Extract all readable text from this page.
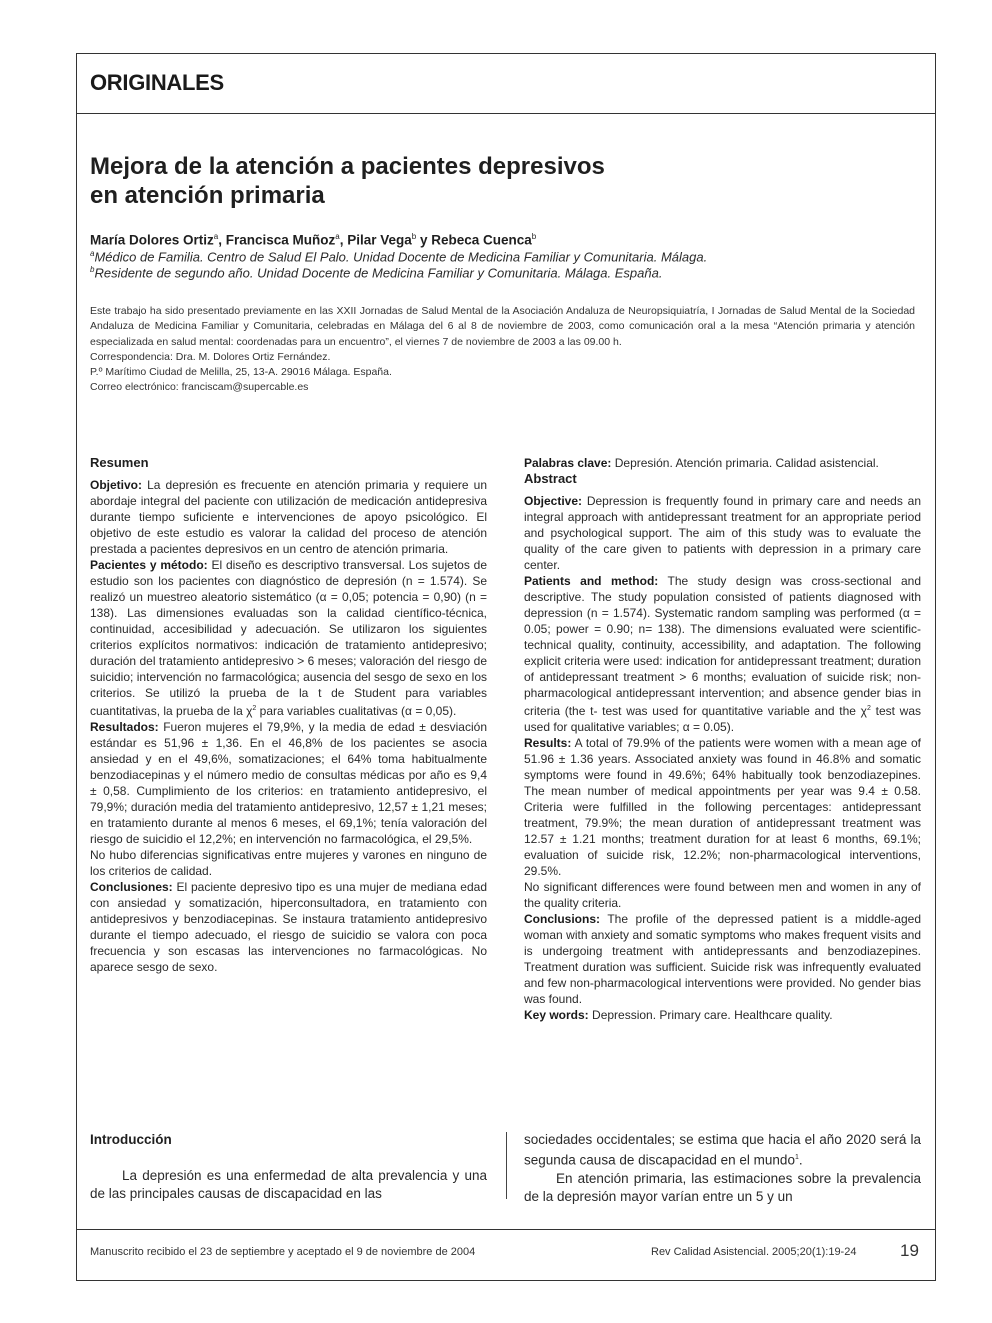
ORIGINALES
Mejora de la atención a pacientes depresivos
en atención primaria
María Dolores Ortiz$^a$, Francisca Muñoz$^a$, Pilar Vega$^b$ y Rebeca Cuenca$^b$
$^a$Médico de Familia. Centro de Salud El Palo. Unidad Docente de Medicina Familiar y Comunitaria. Málaga.
$^b$Residente de segundo año. Unidad Docente de Medicina Familiar y Comunitaria. Málaga. España.

Este trabajo ha sido presentado previamente en las XXII Jornadas de Salud Mental de la Asociación Andaluza de Neuropsiquiatría, I Jornadas de Salud Mental de la Sociedad Andaluza de Medicina Familiar y Comunitaria, celebradas en Málaga del 6 al 8 de noviembre de 2003, como comunicación oral a la mesa “Atención primaria y atención especializada en salud mental: coordenadas para un encuentro”, el viernes 7 de noviembre de 2003 a las 09.00 h.

Correspondencia: Dra. M. Dolores Ortiz Fernández.

P.º Marítimo Ciudad de Melilla, 25, 13-A. 29016 Málaga. España.

Correo electrónico: franciscam@supercable.es

Resumen

Objetivo: La depresión es frecuente en atención primaria y requiere un abordaje integral del paciente con utilización de medicación antidepresiva durante tiempo suficiente e intervenciones de apoyo psicológico. El objetivo de este estudio es valorar la calidad del proceso de atención prestada a pacientes depresivos en un centro de atención primaria.

Pacientes y método: El diseño es descriptivo transversal. Los sujetos de estudio son los pacientes con diagnóstico de depresión (n = 1.574). Se realizó un muestreo aleatorio sistemático (α = 0,05; potencia = 0,90) (n = 138). Las dimensiones evaluadas son la calidad científico-técnica, continuidad, accesibilidad y adecuación. Se utilizaron los siguientes criterios explícitos normativos: indicación de tratamiento antidepresivo; duración del tratamiento antidepresivo > 6 meses; valoración del riesgo de suicidio; intervención no farmacológica; ausencia del sesgo de sexo en los criterios. Se utilizó la prueba de la t de Student para variables cuantitativas, la prueba de la $\chi^2$ para variables cualitativas (α = 0,05).

Resultados: Fueron mujeres el 79,9%, y la media de edad ± desviación estándar es 51,96 ± 1,36. En el 46,8% de los pacientes se asocia ansiedad y en el 49,6%, somatizaciones; el 64% toma habitualmente benzodiacepinas y el número medio de consultas médicas por año es 9,4 ± 0,58. Cumplimiento de los criterios: en tratamiento antidepresivo, el 79,9%; duración media del tratamiento antidepresivo, 12,57 ± 1,21 meses; en tratamiento durante al menos 6 meses, el 69,1%; tenía valoración del riesgo de suicidio el 12,2%; en intervención no farmacológica, el 29,5%.

No hubo diferencias significativas entre mujeres y varones en ninguno de los criterios de calidad.

Conclusiones: El paciente depresivo tipo es una mujer de mediana edad con ansiedad y somatización, hiperconsultadora, en tratamiento con antidepresivos y benzodiacepinas. Se instaura tratamiento antidepresivo durante el tiempo adecuado, el riesgo de suicidio se valora con poca frecuencia y son escasas las intervenciones no farmacológicas. No aparece sesgo de sexo.

Palabras clave: Depresión. Atención primaria. Calidad asistencial.

Abstract

Objective: Depression is frequently found in primary care and needs an integral approach with antidepressant treatment for an appropriate period and psychological support. The aim of this study was to evaluate the quality of the care given to patients with depression in a primary care center.

Patients and method: The study design was cross-sectional and descriptive. The study population consisted of patients diagnosed with depression (n = 1.574). Systematic random sampling was performed (α = 0.05; power = 0.90; n= 138). The dimensions evaluated were scientific-technical quality, continuity, accessibility, and adaptation. The following explicit criteria were used: indication for antidepressant treatment; duration of antidepressant treatment > 6 months; evaluation of suicide risk; non-pharmacological antidepressant intervention; and absence gender bias in criteria (the t- test was used for quantitative variable and the $\chi^2$ test was used for qualitative variables; α = 0.05).

Results: A total of 79.9% of the patients were women with a mean age of 51.96 ± 1.36 years. Associated anxiety was found in 46.8% and somatic symptoms were found in 49.6%; 64% habitually took benzodiazepines. The mean number of medical appointments per year was 9.4 ± 0.58. Criteria were fulfilled in the following percentages: antidepressant treatment, 79.9%; the mean duration of antidepressant treatment was 12.57 ± 1.21 months; treatment duration for at least 6 months, 69.1%; evaluation of suicide risk, 12.2%; non-pharmacological interventions, 29.5%.

No significant differences were found between men and women in any of the quality criteria.

Conclusions: The profile of the depressed patient is a middle-aged woman with anxiety and somatic symptoms who makes frequent visits and is undergoing treatment with antidepressants and benzodiazepines. Treatment duration was sufficient. Suicide risk was infrequently evaluated and few non-pharmacological interventions were provided. No gender bias was found.

Key words: Depression. Primary care. Healthcare quality.

Introducción

La depresión es una enfermedad de alta prevalencia y una de las principales causas de discapacidad en las

sociedades occidentales; se estima que hacia el año 2020 será la segunda causa de discapacidad en el mundo$^1$.

En atención primaria, las estimaciones sobre la prevalencia de la depresión mayor varían entre un 5 y un

Manuscrito recibido el 23 de septiembre y aceptado el 9 de noviembre de 2004	Rev Calidad Asistencial. 2005;20(1):19-24	19
